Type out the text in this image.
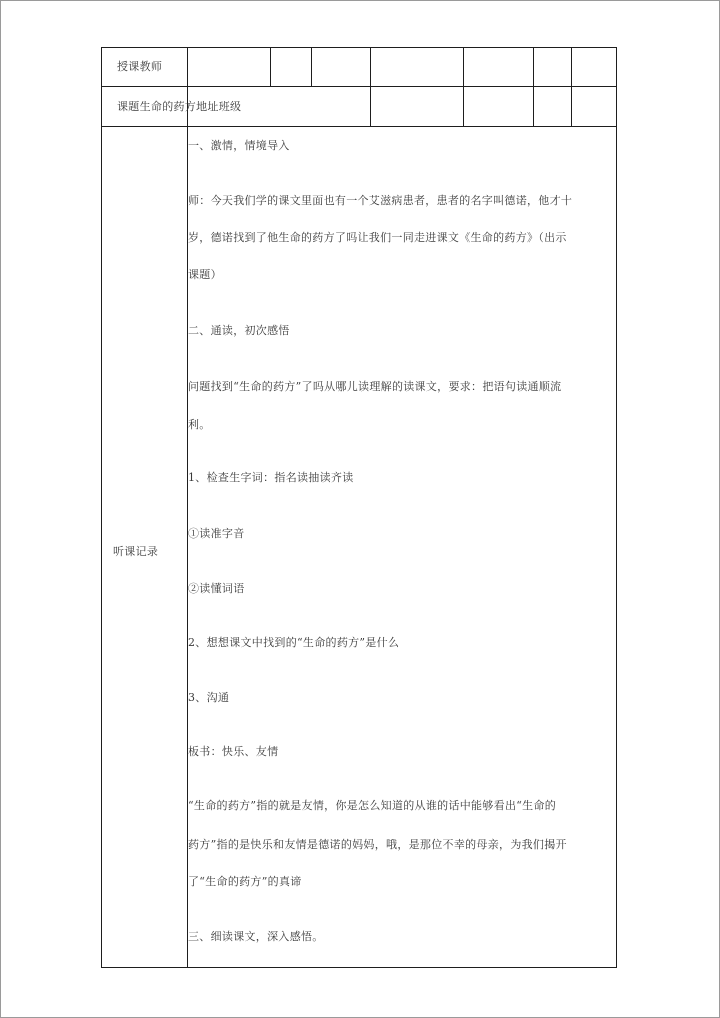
授课教师
课题生命的药方地址班级
听课记录
一、激情，情境导入
师：今天我们学的课文里面也有一个艾滋病患者，患者的名字叫德诺，他才十
岁，德诺找到了他生命的药方了吗让我们一同走进课文《生命的药方》（出示
课题）
二、通读，初次感悟
问题找到“生命的药方”了吗从哪儿读理解的读课文，要求：把语句读通顺流
利。
1、检查生字词：指名读抽读齐读
①读准字音
②读懂词语
2、想想课文中找到的“生命的药方”是什么
3、沟通
板书：快乐、友情
“生命的药方”指的就是友情，你是怎么知道的从谁的话中能够看出“生命的
药方”指的是快乐和友情是德诺的妈妈，哦，是那位不幸的母亲，为我们揭开
了“生命的药方”的真谛
三、细读课文，深入感悟。
